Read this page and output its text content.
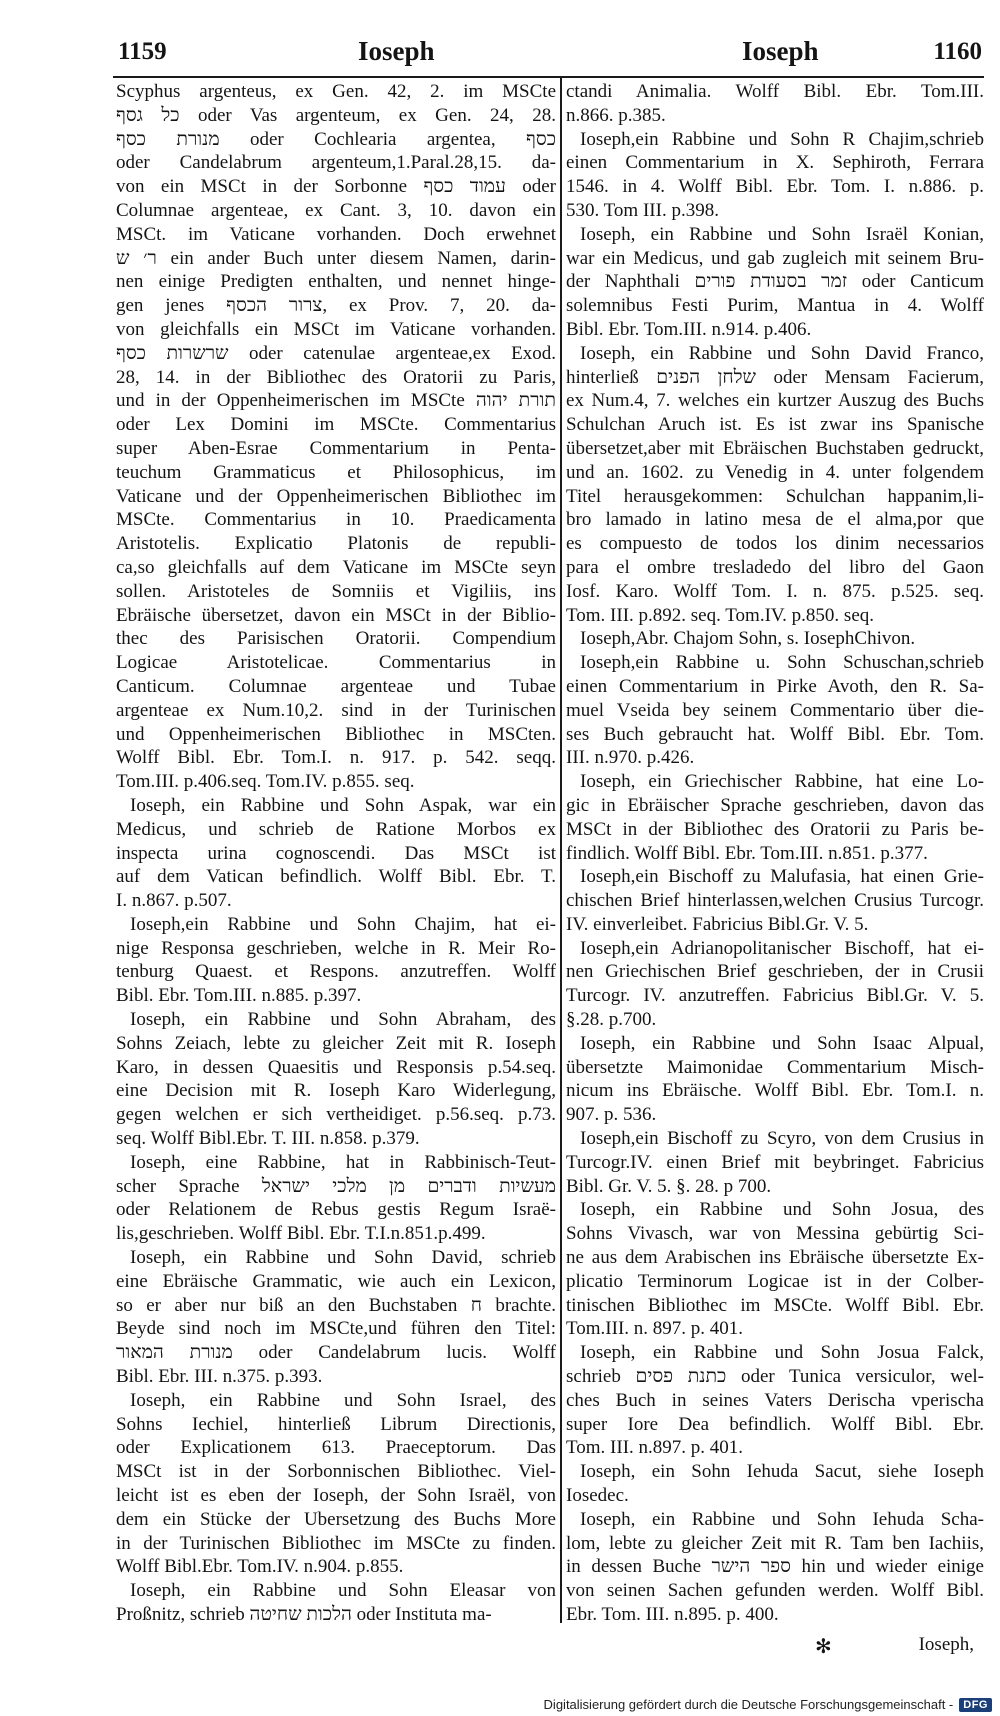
1159	Ioseph	Ioseph	1160
Scyphus argenteus, ex Gen. 42, 2. im MSCte
כל גסף oder Vas argenteum, ex Gen. 24, 28.
מנורת כסף oder Cochlearia argentea, כסף
oder Candelabrum argenteum,1.Paral.28,15. da-
von ein MSCt in der Sorbonne עמוד כסף oder
Columnae argenteae, ex Cant. 3, 10. davon ein
MSCt. im Vaticane vorhanden. Doch erwehnet
ר׳ ש ein ander Buch unter diesem Namen, darin-
nen einige Predigten enthalten, und nennet hinge-
gen jenes צרור הכסף, ex Prov. 7, 20. da-
von gleichfalls ein MSCt im Vaticane vorhanden.
שרשרות כסף oder catenulae argenteae,ex Exod.
28, 14. in der Bibliothec des Oratorii zu Paris,
und in der Oppenheimerischen im MSCte תורת יהוה
oder Lex Domini im MSCte. Commentarius
super Aben-Esrae Commentarium in Penta-
teuchum Grammaticus et Philosophicus, im
Vaticane und der Oppenheimerischen Bibliothec im
MSCte. Commentarius in 10. Praedicamenta
Aristotelis. Explicatio Platonis de republi-
ca,so gleichfalls auf dem Vaticane im MSCte seyn
sollen. Aristoteles de Somniis et Vigiliis, ins
Ebräische übersetzet, davon ein MSCt in der Biblio-
thec des Parisischen Oratorii. Compendium
Logicae Aristotelicae. Commentarius in
Canticum. Columnae argenteae und Tubae
argenteae ex Num.10,2. sind in der Turinischen
und Oppenheimerischen Bibliothec in MSCten.
Wolff Bibl. Ebr. Tom.I. n. 917. p. 542. seqq.
Tom.III. p.406.seq. Tom.IV. p.855. seq.
Ioseph, ein Rabbine und Sohn Aspak, war ein
Medicus, und schrieb de Ratione Morbos ex
inspecta urina cognoscendi. Das MSCt ist
auf dem Vatican befindlich. Wolff Bibl. Ebr. T.
I. n.867. p.507.
Ioseph,ein Rabbine und Sohn Chajim, hat ei-
nige Responsa geschrieben, welche in R. Meir Ro-
tenburg Quaest. et Respons. anzutreffen. Wolff
Bibl. Ebr. Tom.III. n.885. p.397.
Ioseph, ein Rabbine und Sohn Abraham, des
Sohns Zeiach, lebte zu gleicher Zeit mit R. Ioseph
Karo, in dessen Quaesitis und Responsis p.54.seq.
eine Decision mit R. Ioseph Karo Widerlegung,
gegen welchen er sich vertheidiget. p.56.seq. p.73.
seq. Wolff Bibl.Ebr. T. III. n.858. p.379.
Ioseph, eine Rabbine, hat in Rabbinisch-Teut-
scher Sprache מעשיות ודברים מן מלכי ישראל
oder Relationem de Rebus gestis Regum Israë-
lis,geschrieben. Wolff Bibl. Ebr. T.I.n.851.p.499.
Ioseph, ein Rabbine und Sohn David, schrieb
eine Ebräische Grammatic, wie auch ein Lexicon,
so er aber nur biß an den Buchstaben ח brachte.
Beyde sind noch im MSCte,und führen den Titel:
מנורת המאור oder Candelabrum lucis. Wolff
Bibl. Ebr. III. n.375. p.393.
Ioseph, ein Rabbine und Sohn Israel, des
Sohns Iechiel, hinterließ Librum Directionis,
oder Explicationem 613. Praeceptorum. Das
MSCt ist in der Sorbonnischen Bibliothec. Viel-
leicht ist es eben der Ioseph, der Sohn Israël, von
dem ein Stücke der Ubersetzung des Buchs More
in der Turinischen Bibliothec im MSCte zu finden.
Wolff Bibl.Ebr. Tom.IV. n.904. p.855.
Ioseph, ein Rabbine und Sohn Eleasar von
Proßnitz, schrieb הלכות שחיטה oder Instituta ma-
ctandi Animalia. Wolff Bibl. Ebr. Tom.III.
n.866. p.385.
Ioseph,ein Rabbine und Sohn R Chajim,schrieb
einen Commentarium in X. Sephiroth, Ferrara
1546. in 4. Wolff Bibl. Ebr. Tom. I. n.886. p.
530. Tom III. p.398.
Ioseph, ein Rabbine und Sohn Israël Konian,
war ein Medicus, und gab zugleich mit seinem Bru-
der Naphthali זמר בסעודת פורים oder Canticum
solemnibus Festi Purim, Mantua in 4. Wolff
Bibl. Ebr. Tom.III. n.914. p.406.
Ioseph, ein Rabbine und Sohn David Franco,
hinterließ שלחן הפנים oder Mensam Facierum,
ex Num.4, 7. welches ein kurtzer Auszug des Buchs
Schulchan Aruch ist. Es ist zwar ins Spanische
übersetzet,aber mit Ebräischen Buchstaben gedruckt,
und an. 1602. zu Venedig in 4. unter folgendem
Titel herausgekommen: Schulchan happanim,li-
bro lamado in latino mesa de el alma,por que
es compuesto de todos los dinim necessarios
para el ombre tresladedo del libro del Gaon
Iosf. Karo. Wolff Tom. I. n. 875. p.525. seq.
Tom. III. p.892. seq. Tom.IV. p.850. seq.
Ioseph,Abr. Chajom Sohn, s. IosephChivon.
Ioseph,ein Rabbine u. Sohn Schuschan,schrieb
einen Commentarium in Pirke Avoth, den R. Sa-
muel Vseida bey seinem Commentario über die-
ses Buch gebraucht hat. Wolff Bibl. Ebr. Tom.
III. n.970. p.426.
Ioseph, ein Griechischer Rabbine, hat eine Lo-
gic in Ebräischer Sprache geschrieben, davon das
MSCt in der Bibliothec des Oratorii zu Paris be-
findlich. Wolff Bibl. Ebr. Tom.III. n.851. p.377.
Ioseph,ein Bischoff zu Malufasia, hat einen Grie-
chischen Brief hinterlassen,welchen Crusius Turcogr.
IV. einverleibet. Fabricius Bibl.Gr. V. 5.
Ioseph,ein Adrianopolitanischer Bischoff, hat ei-
nen Griechischen Brief geschrieben, der in Crusii
Turcogr. IV. anzutreffen. Fabricius Bibl.Gr. V. 5.
§.28. p.700.
Ioseph, ein Rabbine und Sohn Isaac Alpual,
übersetzte Maimonidae Commentarium Misch-
nicum ins Ebräische. Wolff Bibl. Ebr. Tom.I. n.
907. p. 536.
Ioseph,ein Bischoff zu Scyro, von dem Crusius in
Turcogr.IV. einen Brief mit beybringet. Fabricius
Bibl. Gr. V. 5. §. 28. p 700.
Ioseph, ein Rabbine und Sohn Josua, des
Sohns Vivasch, war von Messina gebürtig Sci-
ne aus dem Arabischen ins Ebräische übersetzte Ex-
plicatio Terminorum Logicae ist in der Colber-
tinischen Bibliothec im MSCte. Wolff Bibl. Ebr.
Tom.III. n. 897. p. 401.
Ioseph, ein Rabbine und Sohn Josua Falck,
schrieb כתנת פסים oder Tunica versiculor, wel-
ches Buch in seines Vaters Derischa vperischa
super Iore Dea befindlich. Wolff Bibl. Ebr.
Tom. III. n.897. p. 401.
Ioseph, ein Sohn Iehuda Sacut, siehe Ioseph
Iosedec.
Ioseph, ein Rabbine und Sohn Iehuda Scha-
lom, lebte zu gleicher Zeit mit R. Tam ben Iachiis,
in dessen Buche ספר הישר hin und wieder einige
von seinen Sachen gefunden werden. Wolff Bibl.
Ebr. Tom. III. n.895. p. 400.
Ioseph,
✻
Digitalisierung gefördert durch die Deutsche Forschungsgemeinschaft - DFG
